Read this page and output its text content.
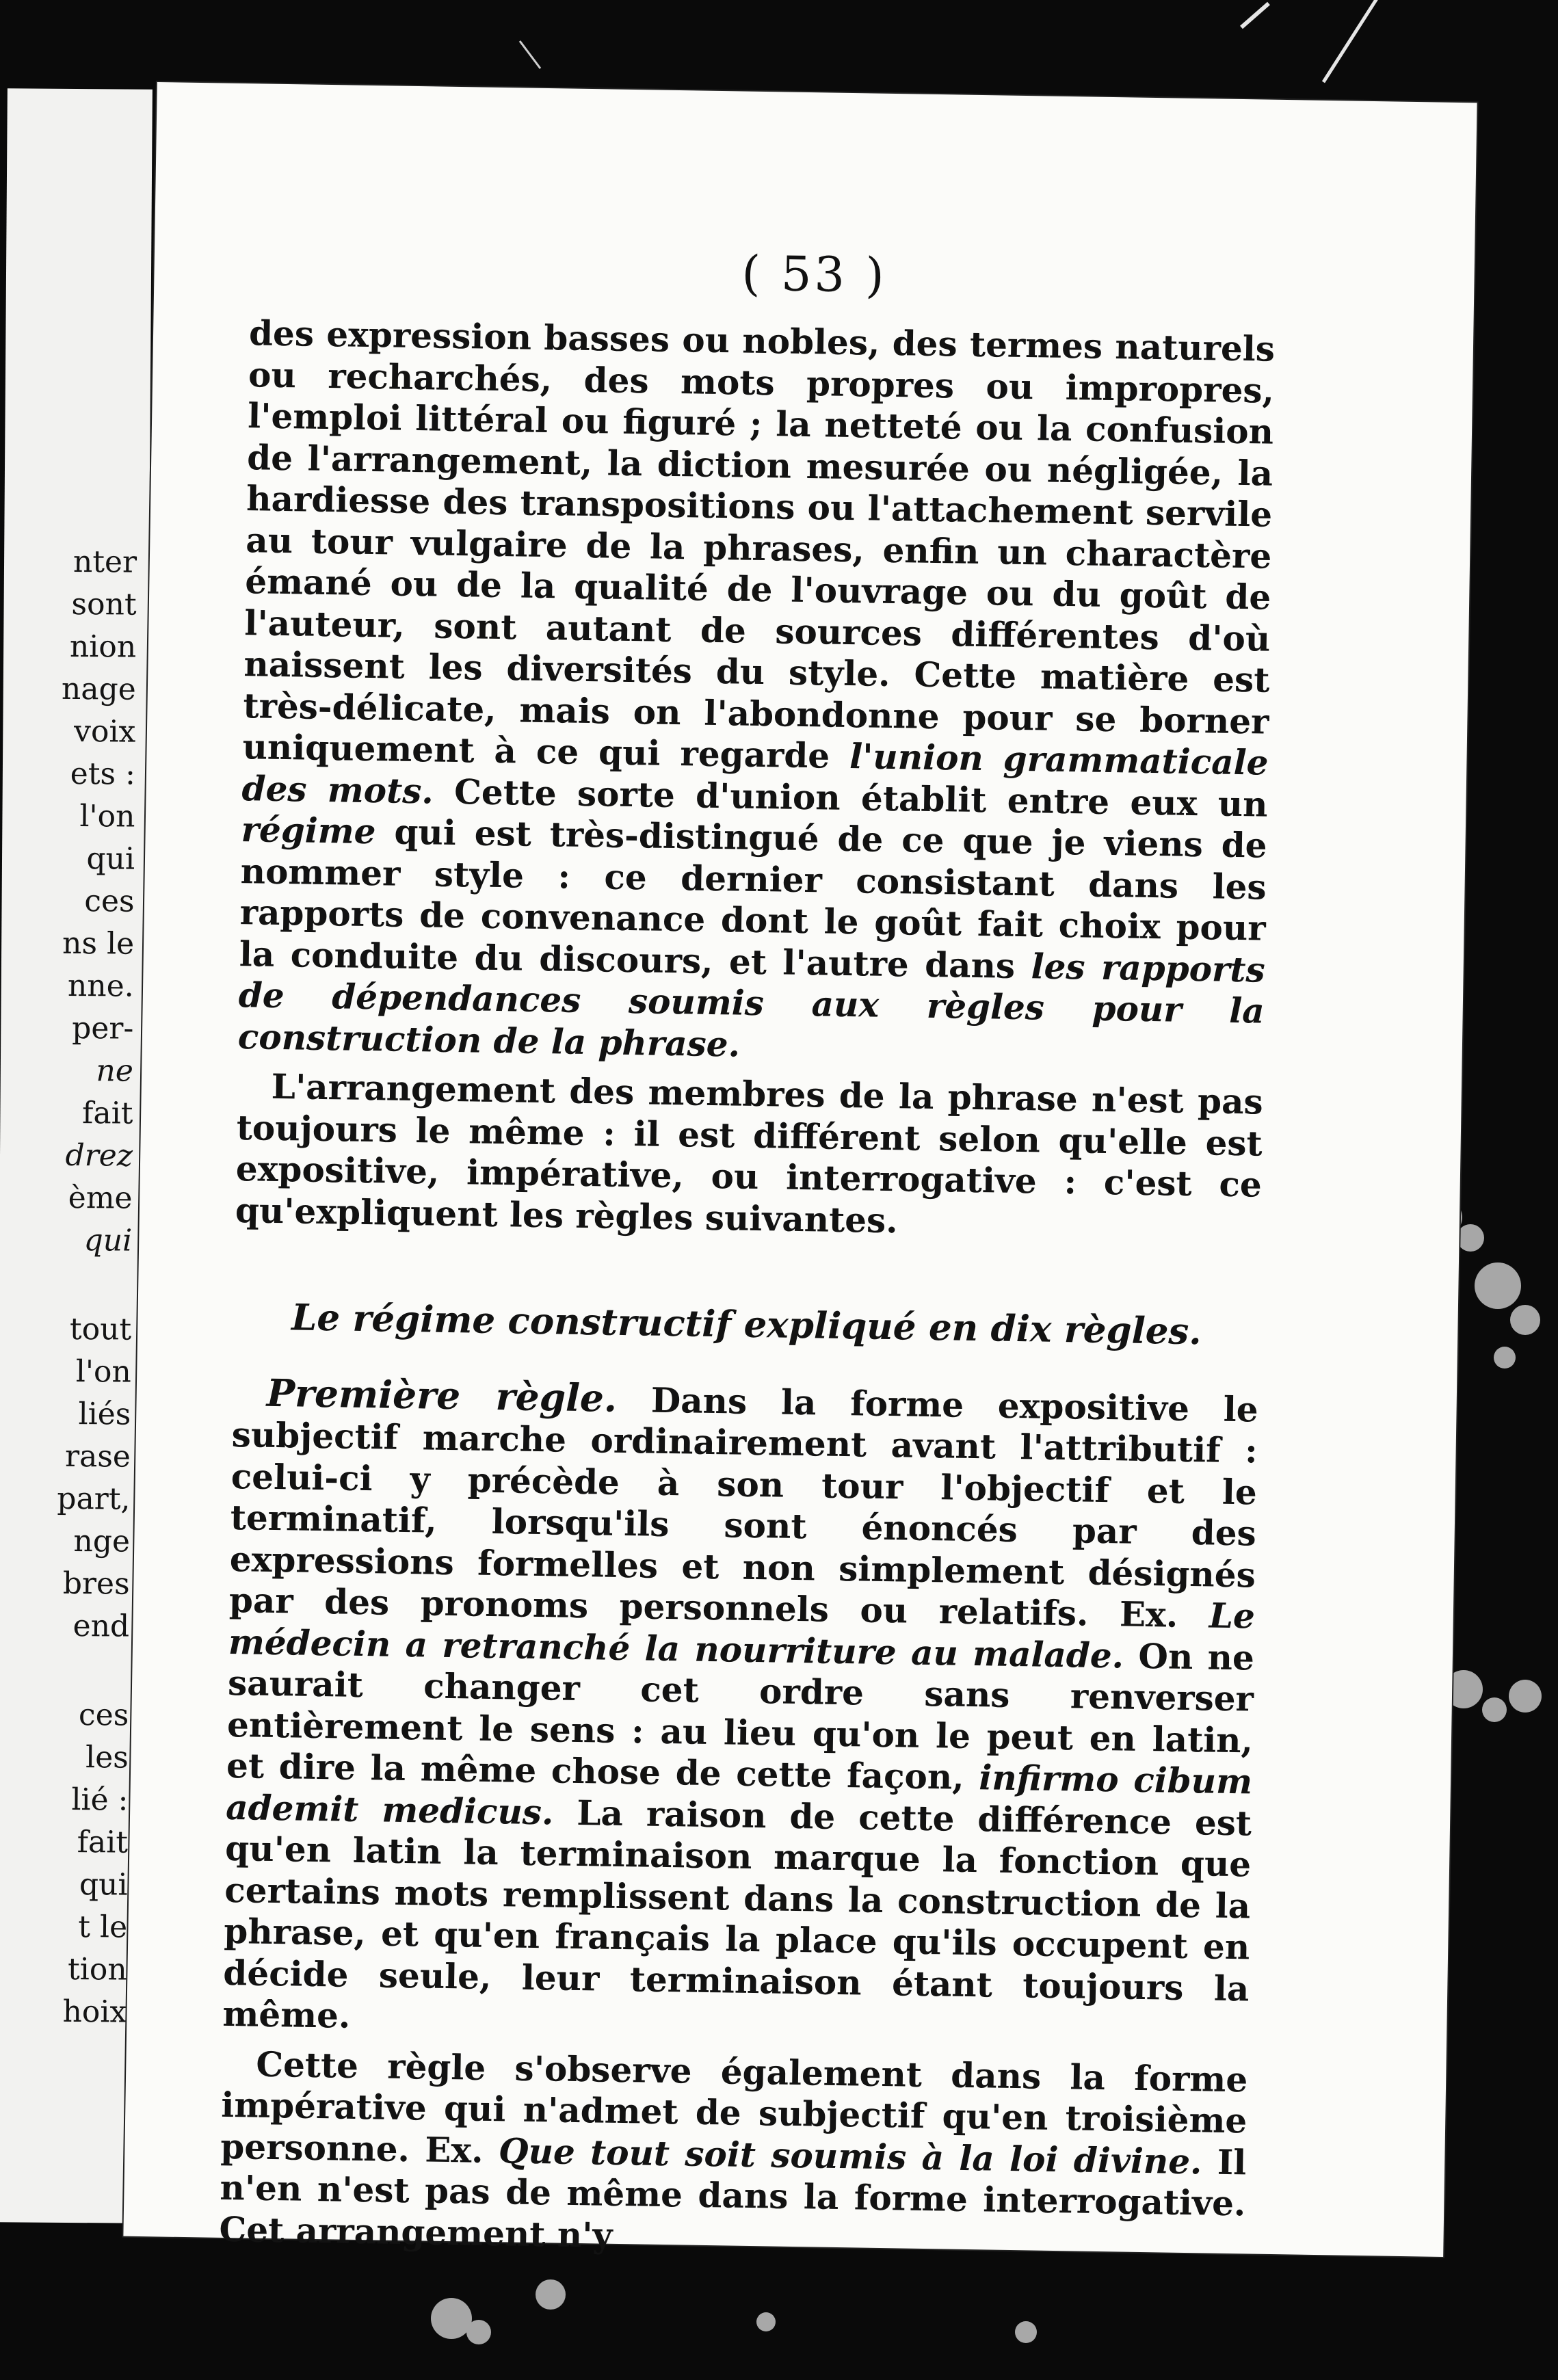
nter
sont
nion
nage
voix
ets :
l'on
qui
ces
ns le
nne.
per-
ne
fait
drez
ème
qui
tout
l'on
liés
rase
part,
nge
bres
end
ces
les
lié :
fait
qui
t le
tion
hoix
( 53 )

des expression basses ou nobles, des termes naturels ou recharchés, des mots propres ou impropres, l'emploi littéral ou figuré ; la netteté ou la confusion de l'arrangement, la diction mesurée ou négligée, la hardiesse des transpositions ou l'attachement servile au tour vulgaire de la phrases, enfin un charactère émané ou de la qualité de l'ouvrage ou du goût de l'auteur, sont autant de sources différentes d'où naissent les diversités du style. Cette matière est très-délicate, mais on l'abondonne pour se borner uniquement à ce qui regarde l'union grammaticale des mots. Cette sorte d'union établit entre eux un régime qui est très-distingué de ce que je viens de nommer style : ce dernier consistant dans les rapports de convenance dont le goût fait choix pour la conduite du discours, et l'autre dans les rapports de dépendances soumis aux règles pour la construction de la phrase.

L'arrangement des membres de la phrase n'est pas toujours le même : il est différent selon qu'elle est expositive, impérative, ou interrogative : c'est ce qu'expliquent les règles suivantes.

Le régime constructif expliqué en dix règles.

Première règle. Dans la forme expositive le subjectif marche ordinairement avant l'attributif : celui-ci y précède à son tour l'objectif et le terminatif, lorsqu'ils sont énoncés par des expressions formelles et non simplement désignés par des pronoms personnels ou relatifs. Ex. Le médecin a retranché la nourriture au malade. On ne saurait changer cet ordre sans renverser entièrement le sens : au lieu qu'on le peut en latin, et dire la même chose de cette façon, infirmo cibum ademit medicus. La raison de cette différence est qu'en latin la terminaison marque la fonction que certains mots remplissent dans la construction de la phrase, et qu'en français la place qu'ils occupent en décide seule, leur terminaison étant toujours la même.

Cette règle s'observe également dans la forme impérative qui n'admet de subjectif qu'en troisième personne. Ex. Que tout soit soumis à la loi divine. Il n'en n'est pas de même dans la forme interrogative. Cet arrangement n'y
